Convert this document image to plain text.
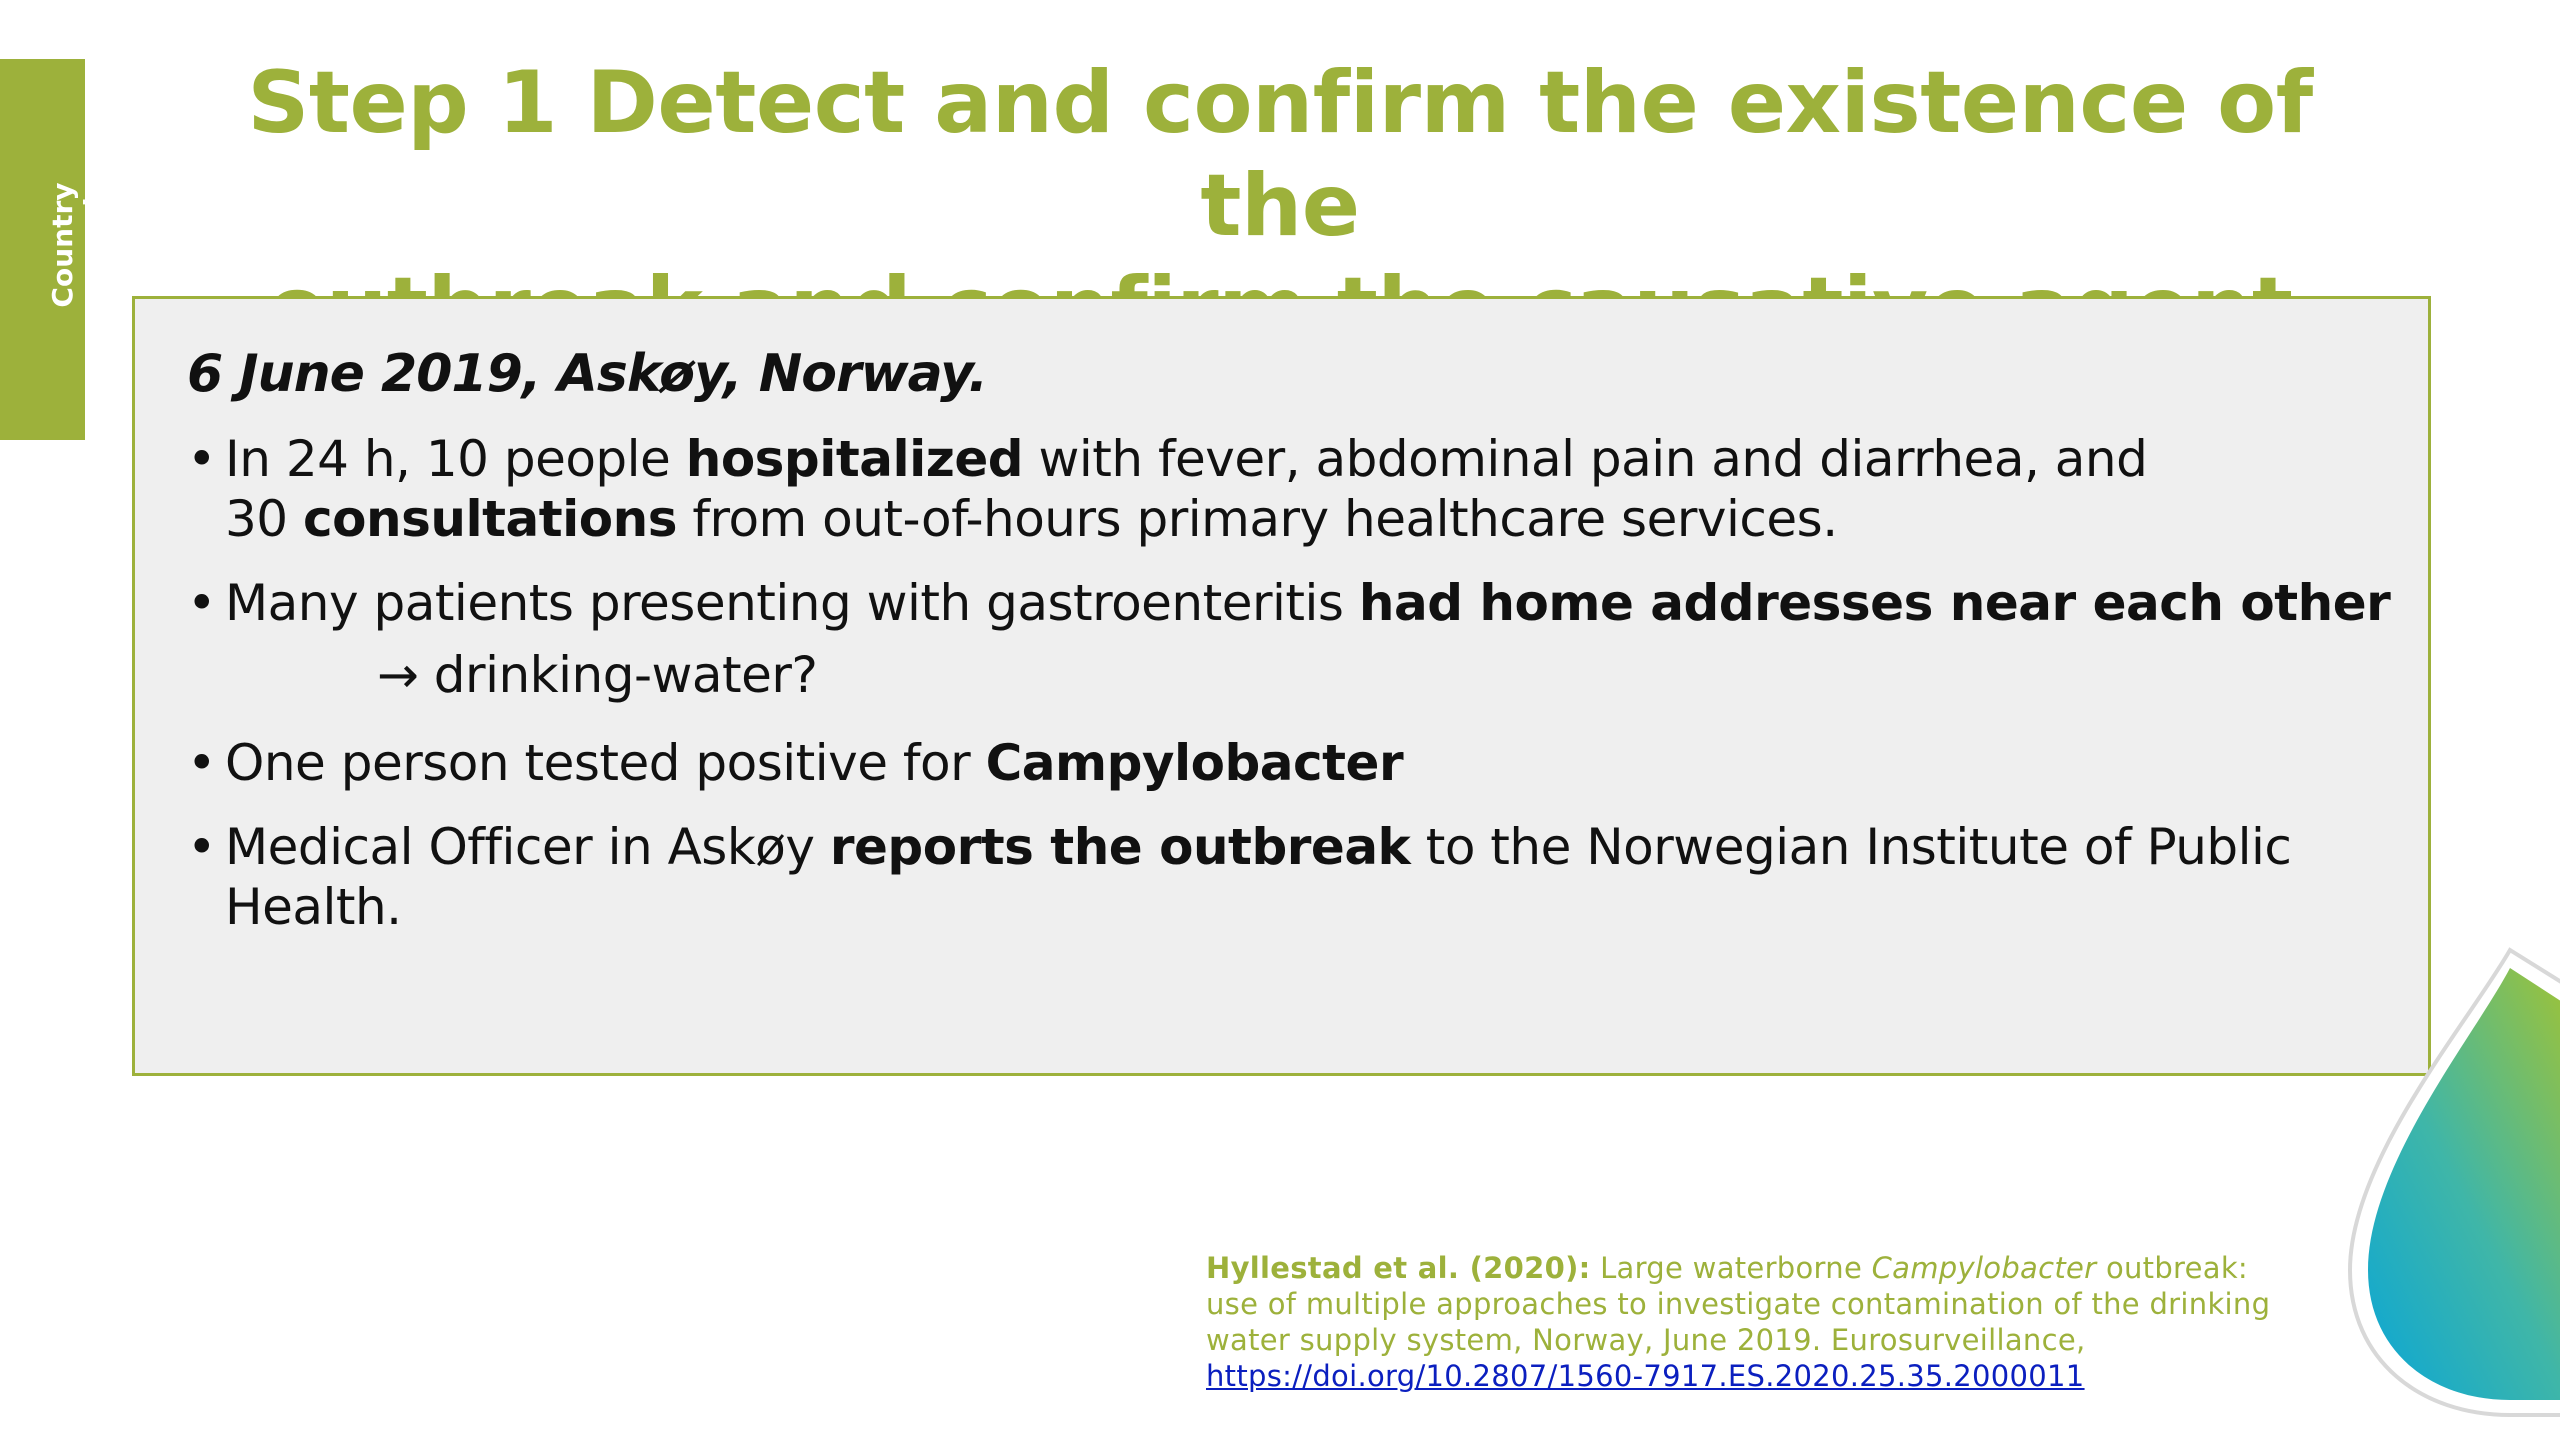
Country example
Step 1 Detect and confirm the existence of the
6 June 2019, Askøy, Norway.
• In 24 h, 10 people hospitalized with fever, abdominal pain and diarrhea, and
30 consultations from out-of-hours primary healthcare services.
• Many patients presenting with gastroenteritis had home addresses near each other
→ drinking-water?
• One person tested positive for Campylobacter
• Medical Officer in Askøy reports the outbreak to the Norwegian Institute of Public Health.
Hyllestad et al. (2020): Large waterborne Campylobacter outbreak: use of multiple approaches to investigate contamination of the drinking water supply system, Norway, June 2019. Eurosurveillance,
https://doi.org/10.2807/1560-7917.ES.2020.25.35.2000011
